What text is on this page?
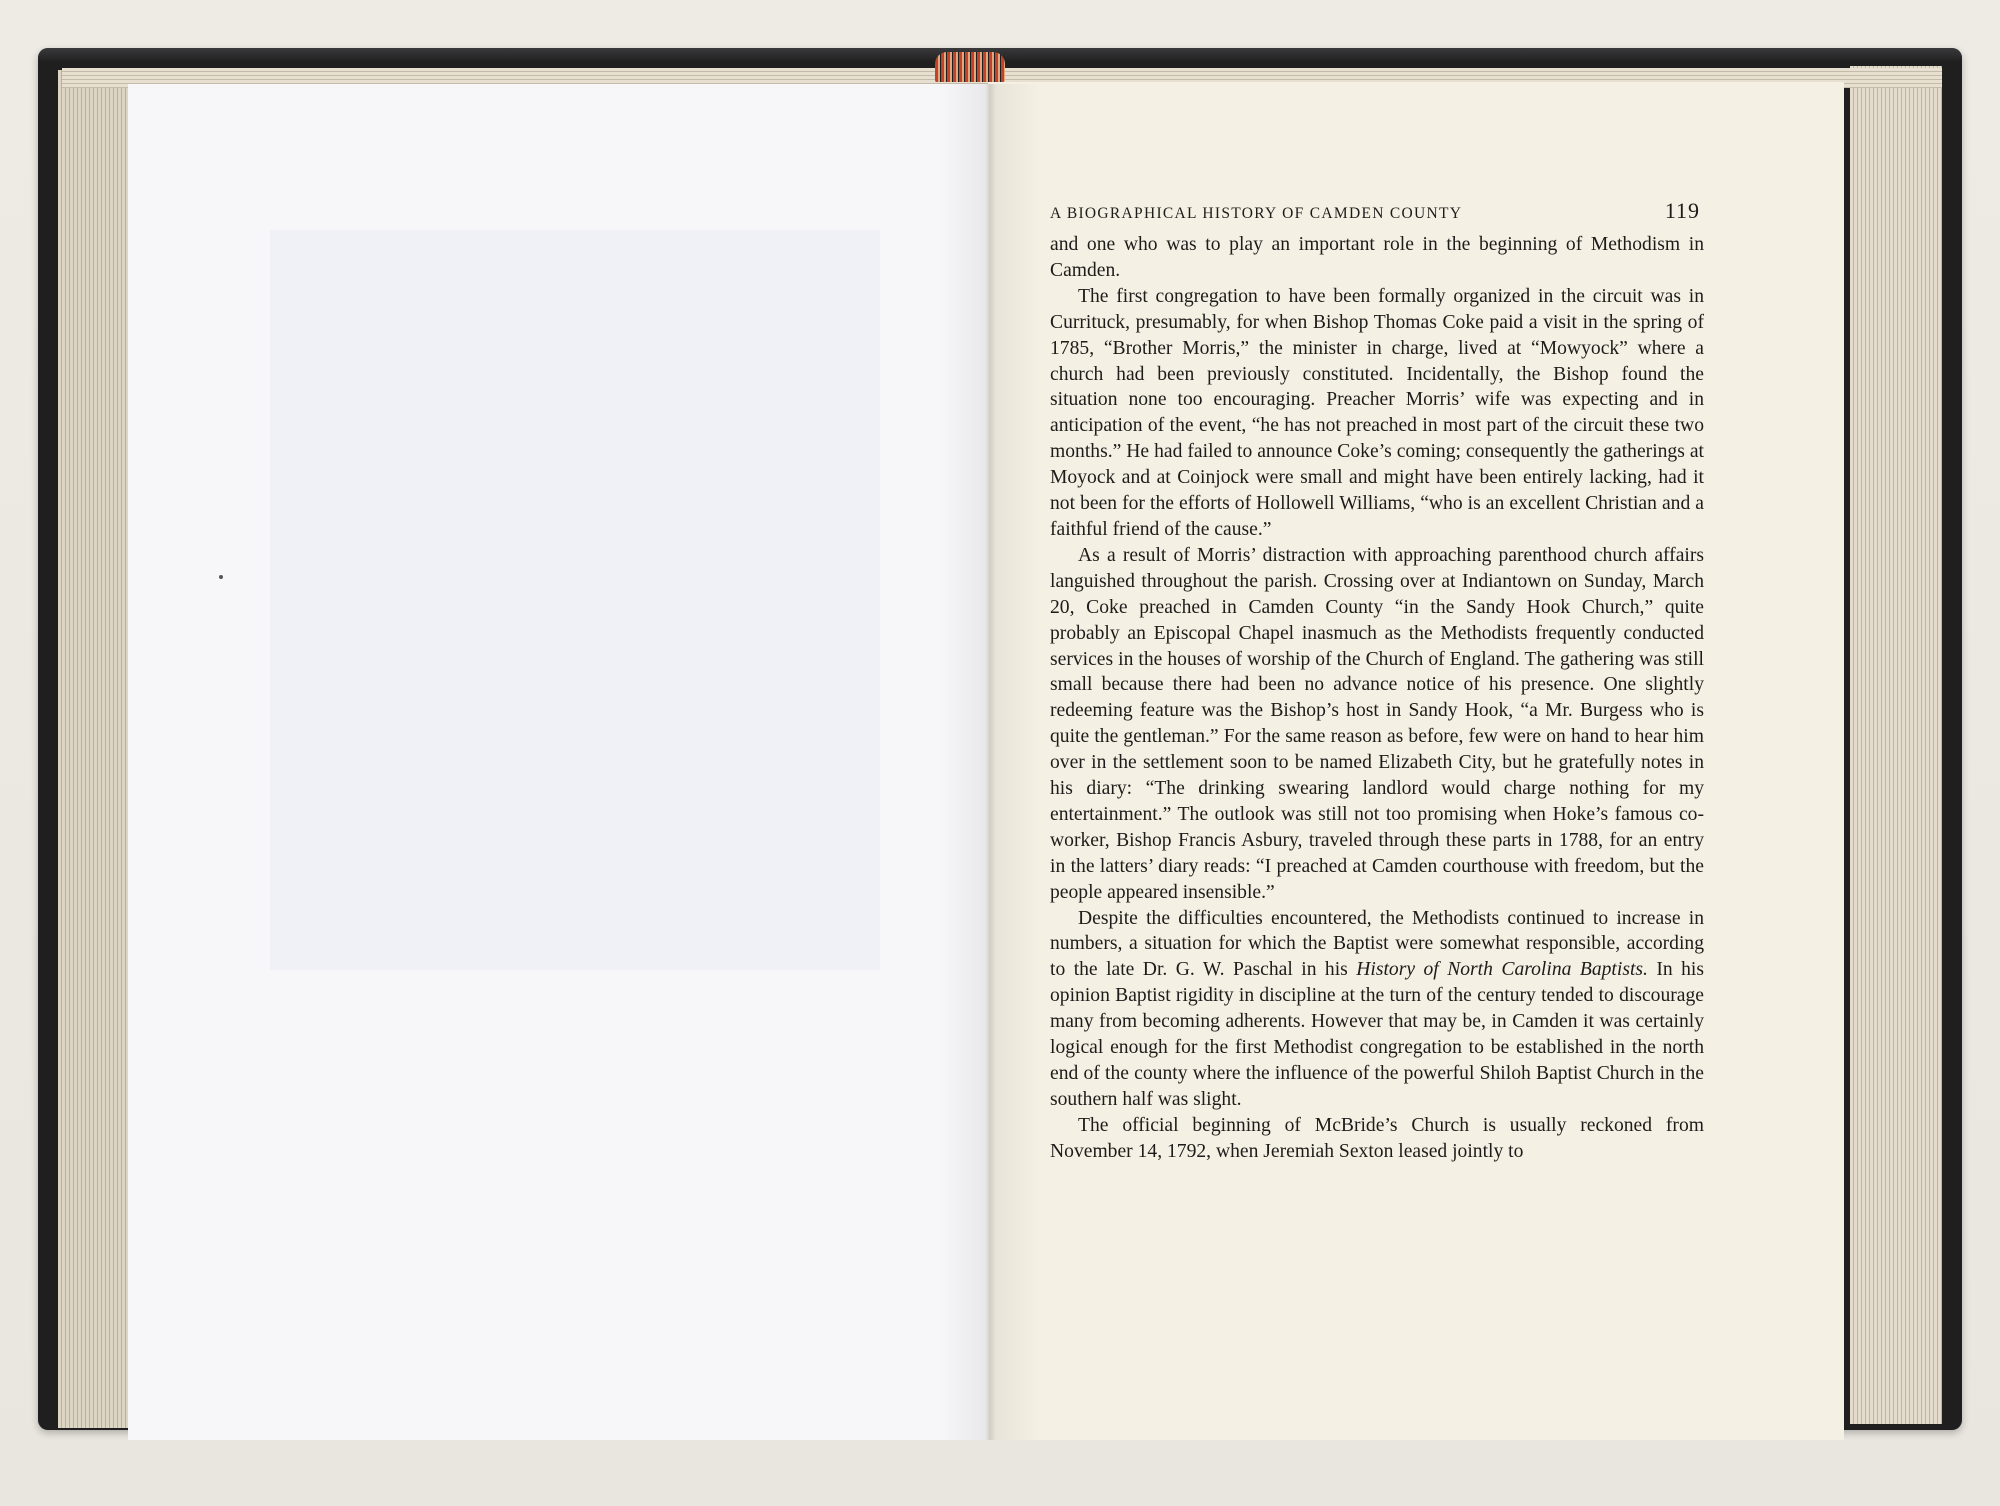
A BIOGRAPHICAL HISTORY OF CAMDEN COUNTY	119

and one who was to play an important role in the beginning of Methodism in Camden.

The first congregation to have been formally organized in the circuit was in Currituck, presumably, for when Bishop Thomas Coke paid a visit in the spring of 1785, “Brother Morris,” the minister in charge, lived at “Mowyock” where a church had been previously constituted. Incidentally, the Bishop found the situation none too encouraging. Preacher Morris’ wife was expecting and in anticipation of the event, “he has not preached in most part of the circuit these two months.” He had failed to announce Coke’s coming; consequently the gatherings at Moyock and at Coinjock were small and might have been entirely lacking, had it not been for the efforts of Hollowell Williams, “who is an excellent Christian and a faithful friend of the cause.”

As a result of Morris’ distraction with approaching parenthood church affairs languished throughout the parish. Crossing over at Indiantown on Sunday, March 20, Coke preached in Camden County “in the Sandy Hook Church,” quite probably an Episcopal Chapel inasmuch as the Methodists frequently conducted services in the houses of worship of the Church of England. The gathering was still small because there had been no advance notice of his presence. One slightly redeeming feature was the Bishop’s host in Sandy Hook, “a Mr. Burgess who is quite the gentleman.” For the same reason as before, few were on hand to hear him over in the settlement soon to be named Elizabeth City, but he gratefully notes in his diary: “The drinking swearing landlord would charge nothing for my entertainment.” The outlook was still not too promising when Hoke’s famous co-worker, Bishop Francis Asbury, traveled through these parts in 1788, for an entry in the latters’ diary reads: “I preached at Camden courthouse with freedom, but the people appeared insensible.”

Despite the difficulties encountered, the Methodists continued to increase in numbers, a situation for which the Baptist were somewhat responsible, according to the late Dr. G. W. Paschal in his History of North Carolina Baptists. In his opinion Baptist rigidity in discipline at the turn of the century tended to discourage many from becoming adherents. However that may be, in Camden it was certainly logical enough for the first Methodist congregation to be established in the north end of the county where the influence of the powerful Shiloh Baptist Church in the southern half was slight.

The official beginning of McBride’s Church is usually reckoned from November 14, 1792, when Jeremiah Sexton leased jointly to
